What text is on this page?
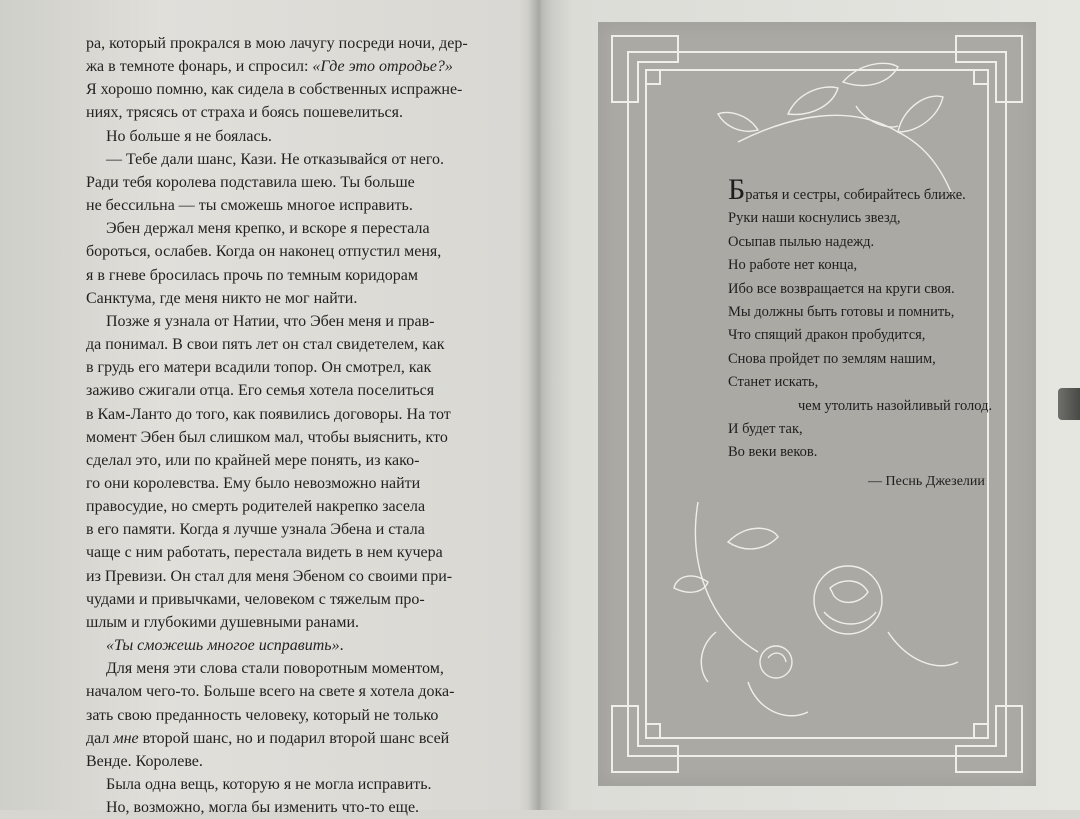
ра, который прокрался в мою лачугу посреди ночи, дер-

жа в темноте фонарь, и спросил: «Где это отродье?»

Я хорошо помню, как сидела в собственных испражне-

ниях, трясясь от страха и боясь пошевелиться.

Но больше я не боялась.

— Тебе дали шанс, Кази. Не отказывайся от него.

Ради тебя королева подставила шею. Ты больше

не бессильна — ты сможешь многое исправить.

Эбен держал меня крепко, и вскоре я перестала

бороться, ослабев. Когда он наконец отпустил меня,

я в гневе бросилась прочь по темным коридорам

Санктума, где меня никто не мог найти.

Позже я узнала от Натии, что Эбен меня и прав-

да понимал. В свои пять лет он стал свидетелем, как

в грудь его матери всадили топор. Он смотрел, как

заживо сжигали отца. Его семья хотела поселиться

в Кам-Ланто до того, как появились договоры. На тот

момент Эбен был слишком мал, чтобы выяснить, кто

сделал это, или по крайней мере понять, из како-

го они королевства. Ему было невозможно найти

правосудие, но смерть родителей накрепко засела

в его памяти. Когда я лучше узнала Эбена и стала

чаще с ним работать, перестала видеть в нем кучера

из Превизи. Он стал для меня Эбеном со своими при-

чудами и привычками, человеком с тяжелым про-

шлым и глубокими душевными ранами.

«Ты сможешь многое исправить».

Для меня эти слова стали поворотным моментом,

началом чего-то. Больше всего на свете я хотела дока-

зать свою преданность человеку, который не только

дал мне второй шанс, но и подарил второй шанс всей

Венде. Королеве.

Была одна вещь, которую я не могла исправить.

Но, возможно, могла бы изменить что-то еще.

Братья и сестры, собирайтесь ближе.
Руки наши коснулись звезд,
Осыпав пылью надежд.
Но работе нет конца,
Ибо все возвращается на круги своя.
Мы должны быть готовы и помнить,
Что спящий дракон пробудится,
Снова пройдет по землям нашим,
Станет искать,
чем утолить назойливый голод.
И будет так,
Во веки веков.
— Песнь Джезелии
